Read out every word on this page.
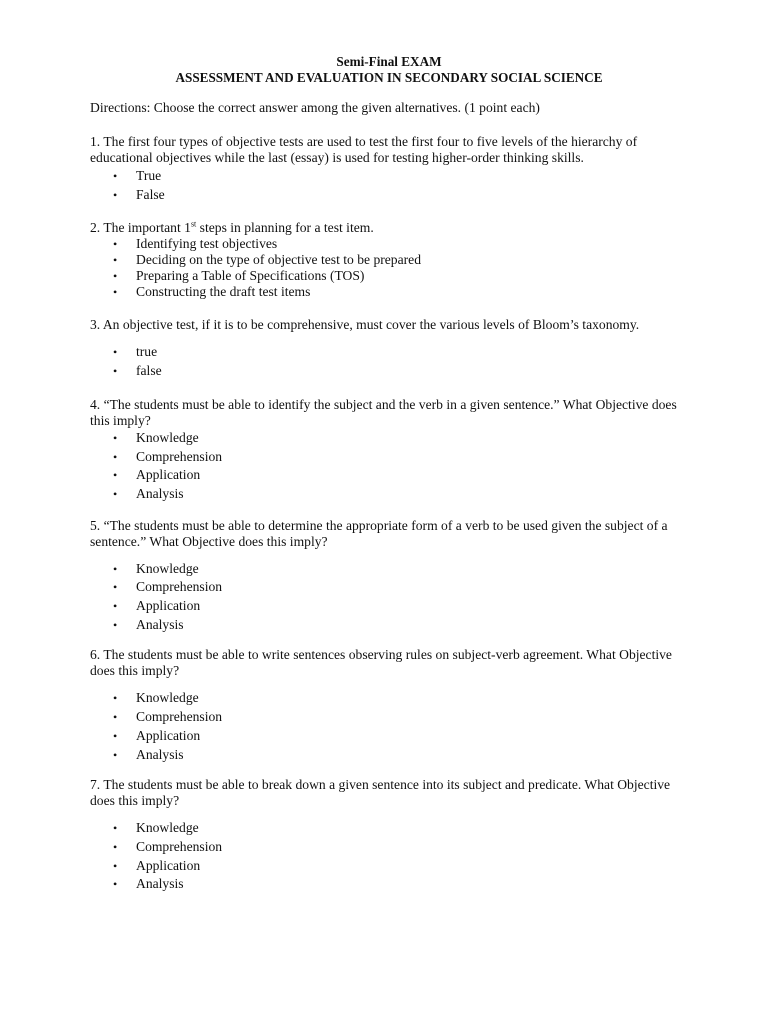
Semi-Final EXAM
ASSESSMENT AND EVALUATION IN SECONDARY SOCIAL SCIENCE
Directions: Choose the correct answer among the given alternatives. (1 point each)
1. The first four types of objective tests are used to test the first four to five levels of the hierarchy of educational objectives while the last (essay) is used for testing higher-order thinking skills.
• True
• False
2. The important 1st steps in planning for a test item.
• Identifying test objectives
• Deciding on the type of objective test to be prepared
• Preparing a Table of Specifications (TOS)
• Constructing the draft test items
3. An objective test, if it is to be comprehensive, must cover the various levels of Bloom’s taxonomy.
• true
• false
4. “The students must be able to identify the subject and the verb in a given sentence.” What Objective does this imply?
• Knowledge
• Comprehension
• Application
• Analysis
5. “The students must be able to determine the appropriate form of a verb to be used given the subject of a sentence.” What Objective does this imply?
• Knowledge
• Comprehension
• Application
• Analysis
6. The students must be able to write sentences observing rules on subject-verb agreement. What Objective does this imply?
• Knowledge
• Comprehension
• Application
• Analysis
7. The students must be able to break down a given sentence into its subject and predicate. What Objective does this imply?
• Knowledge
• Comprehension
• Application
• Analysis
